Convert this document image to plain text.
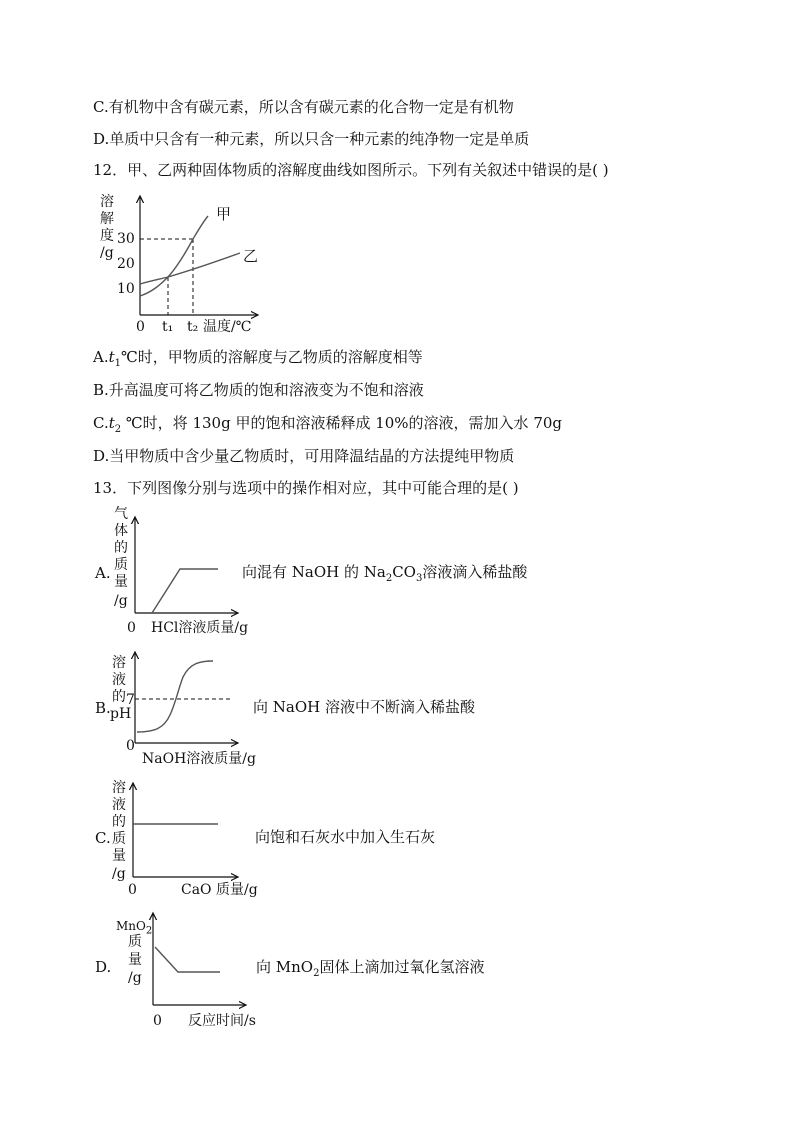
C.有机物中含有碳元素，所以含有碳元素的化合物一定是有机物
D.单质中只含有一种元素，所以只含一种元素的纯净物一定是单质
12．甲、乙两种固体物质的溶解度曲线如图所示。下列有关叙述中错误的是( )
溶
解
度
/g
30
20
10
0 t₁ t₂ 温度/℃
甲
乙
$A.t_1℃$时，甲物质的溶解度与乙物质的溶解度相等
B.升高温度可将乙物质的饱和溶液变为不饱和溶液
$C.t_2$ ℃时，将 130g 甲的饱和溶液稀释成 10%的溶液，需加入水 70g
D.当甲物质中含少量乙物质时，可用降温结晶的方法提纯甲物质
13．下列图像分别与选项中的操作相对应，其中可能合理的是( )
A.
气
体
的
质
量
/g
0 HCl溶液质量/g
向混有 NaOH 的 $Na_2CO_3$溶液滴入稀盐酸
B.
溶
液
的
pH
7
0
NaOH溶液质量/g
向 NaOH 溶液中不断滴入稀盐酸
C.
溶
液
的
质
量
/g
0	CaO 质量/g
向饱和石灰水中加入生石灰
D.
MnO$_2$
质
量
/g
0 反应时间/s
向 MnO$_2$固体上滴加过氧化氢溶液
